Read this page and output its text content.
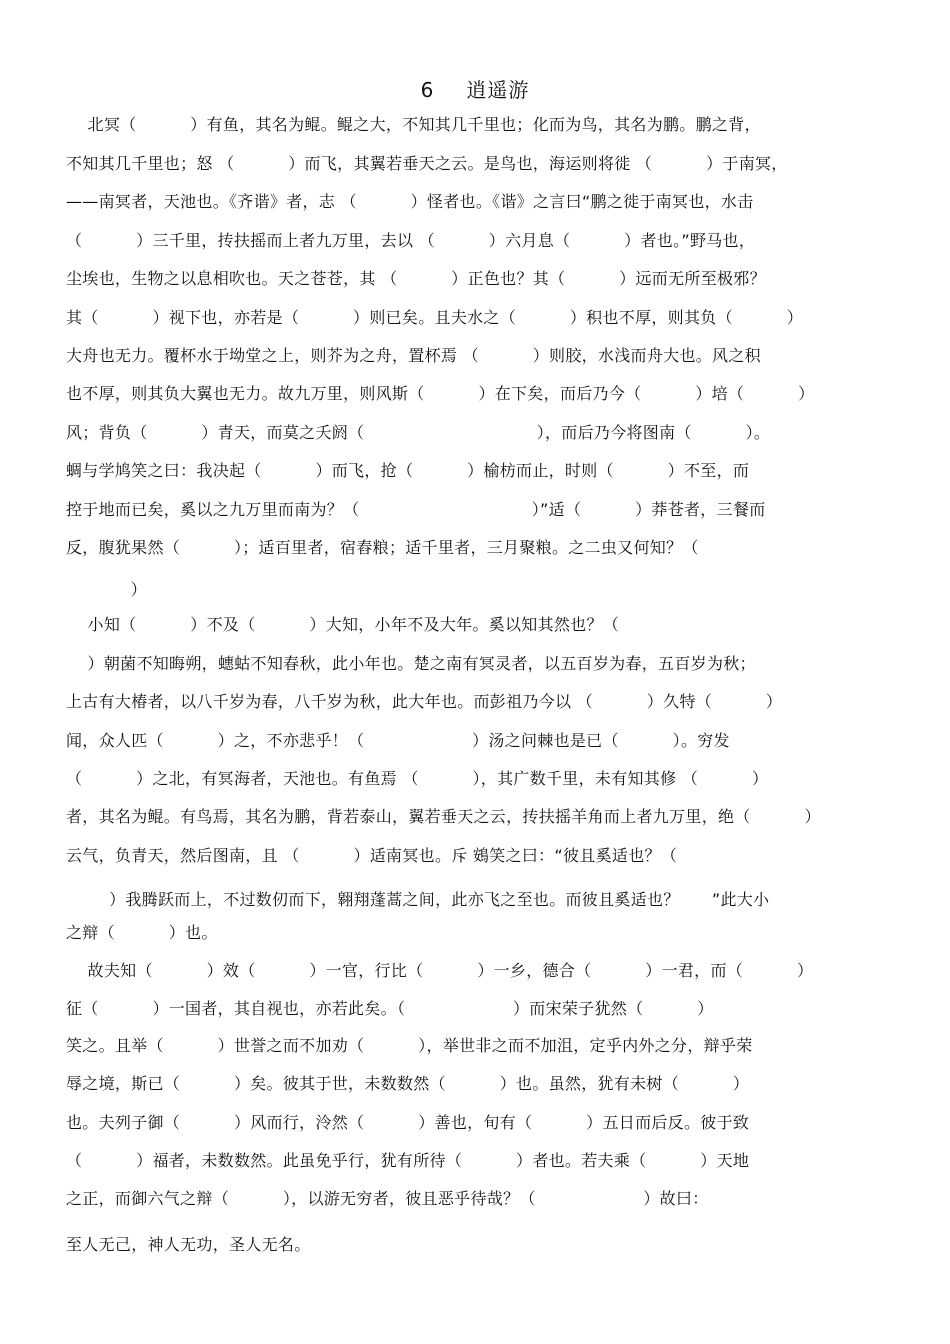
6 逍遥游
北冥（          ）有鱼，其名为鲲。鲲之大，不知其几千里也；化而为鸟，其名为鹏。鹏之背，
不知其几千里也；怒 （          ）而飞，其翼若垂天之云。是鸟也，海运则将徙 （          ）于南冥，
——南冥者，天池也。《齐谐》者，志 （          ）怪者也。《谐》之言曰“鹏之徙于南冥也，水击
（          ）三千里，抟扶摇而上者九万里，去以 （          ）六月息（          ）者也。”野马也，
尘埃也，生物之以息相吹也。天之苍苍，其 （          ）正色也？其（          ）远而无所至极邪？
其（          ）视下也，亦若是（          ）则已矣。且夫水之（          ）积也不厚，则其负（          ）
大舟也无力。覆杯水于坳堂之上，则芥为之舟，置杯焉 （          ）则胶，水浅而舟大也。风之积
也不厚，则其负大翼也无力。故九万里，则风斯（          ）在下矣，而后乃今（          ）培（          ）
风；背负（          ）青天，而莫之夭阏（                                ），而后乃今将图南（          ）。
蜩与学鸠笑之曰：我决起（          ）而飞，抢（          ）榆枋而止，时则（          ）不至，而
控于地而已矣，奚以之九万里而南为？（                                ）”适（          ）莽苍者，三餐而
反，腹犹果然（          ）；适百里者，宿舂粮；适千里者，三月聚粮。之二虫又何知？（
）
小知（          ）不及（          ）大知，小年不及大年。奚以知其然也？（
）朝菌不知晦朔，蟪蛄不知春秋，此小年也。楚之南有冥灵者，以五百岁为春，五百岁为秋；
上古有大椿者，以八千岁为春，八千岁为秋，此大年也。而彭祖乃今以 （          ）久特（          ）
闻，众人匹（          ）之，不亦悲乎！（                    ）汤之问棘也是已（          ）。穷发
（          ）之北，有冥海者，天池也。有鱼焉 （          ），其广数千里，未有知其修 （          ）
者，其名为鲲。有鸟焉，其名为鹏，背若泰山，翼若垂天之云，抟扶摇羊角而上者九万里，绝（          ）
云气，负青天，然后图南，且 （          ）适南冥也。斥 鴳笑之曰：“彼且奚适也？（
）我腾跃而上，不过数仞而下，翱翔蓬蒿之间，此亦飞之至也。而彼且奚适也？      ”此大小
之辩（          ）也。
故夫知（          ）效（          ）一官，行比（          ）一乡，德合（          ）一君，而（          ）
征（          ）一国者，其自视也，亦若此矣。（                    ）而宋荣子犹然（          ）
笑之。且举（          ）世誉之而不加劝（          ），举世非之而不加沮，定乎内外之分，辩乎荣
辱之境，斯已（          ）矣。彼其于世，未数数然（          ）也。虽然，犹有未树（          ）
也。夫列子御（          ）风而行，泠然（          ）善也，旬有（          ）五日而后反。彼于致
（          ）福者，未数数然。此虽免乎行，犹有所待（          ）者也。若夫乘（          ）天地
之正，而御六气之辩（          ），以游无穷者，彼且恶乎待哉？（                    ）故曰：
至人无己，神人无功，圣人无名。
